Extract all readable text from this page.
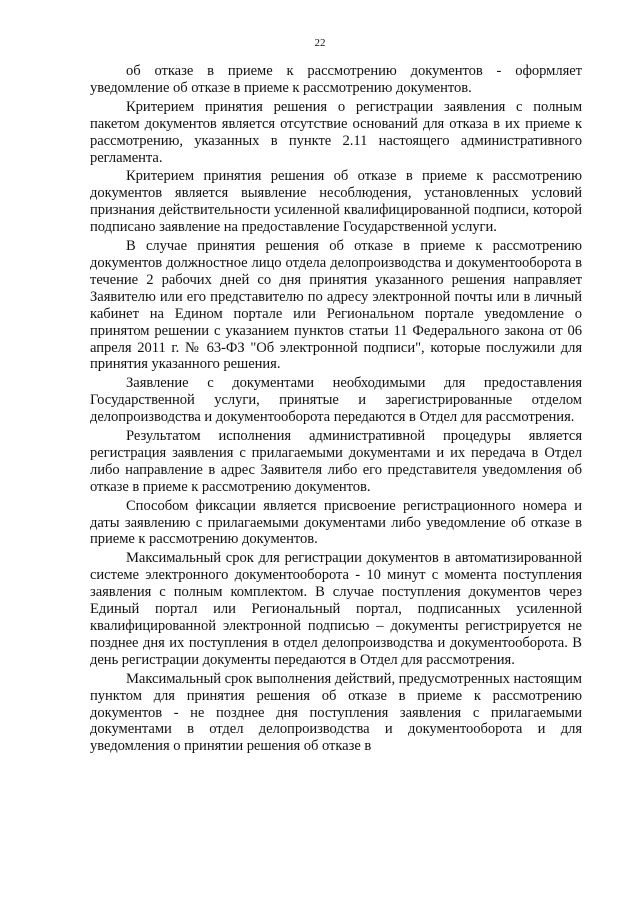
22

об отказе в приеме к рассмотрению документов - оформляет уведомление об отказе в приеме к рассмотрению документов.

Критерием принятия решения о регистрации заявления с полным пакетом документов является отсутствие оснований для отказа в их приеме к рассмотрению, указанных в пункте 2.11 настоящего административного регламента.

Критерием принятия решения об отказе в приеме к рассмотрению документов является выявление несоблюдения, установленных условий признания действительности усиленной квалифицированной подписи, которой подписано заявление на предоставление Государственной услуги.

В случае принятия решения об отказе в приеме к рассмотрению документов должностное лицо отдела делопроизводства и документооборота в течение 2 рабочих дней со дня принятия указанного решения направляет Заявителю или его представителю по адресу электронной почты или в личный кабинет на Едином портале или Региональном портале уведомление о принятом решении с указанием пунктов статьи 11 Федерального закона от 06 апреля 2011 г. № 63-ФЗ "Об электронной подписи", которые послужили для принятия указанного решения.

Заявление с документами необходимыми для предоставления Государственной услуги, принятые и зарегистрированные отделом делопроизводства и документооборота передаются в Отдел для рассмотрения.

Результатом исполнения административной процедуры является регистрация заявления с прилагаемыми документами и их передача в Отдел либо направление в адрес Заявителя либо его представителя уведомления об отказе в приеме к рассмотрению документов.

Способом фиксации является присвоение регистрационного номера и даты заявлению с прилагаемыми документами либо уведомление об отказе в приеме к рассмотрению документов.

Максимальный срок для регистрации документов в автоматизированной системе электронного документооборота - 10 минут с момента поступления заявления с полным комплектом. В случае поступления документов через Единый портал или Региональный портал, подписанных усиленной квалифицированной электронной подписью – документы регистрируется не позднее дня их поступления в отдел делопроизводства и документооборота. В день регистрации документы передаются в Отдел для рассмотрения.

Максимальный срок выполнения действий, предусмотренных настоящим пунктом для принятия решения об отказе в приеме к рассмотрению документов - не позднее дня поступления заявления с прилагаемыми документами в отдел делопроизводства и документооборота и для уведомления о принятии решения об отказе в
